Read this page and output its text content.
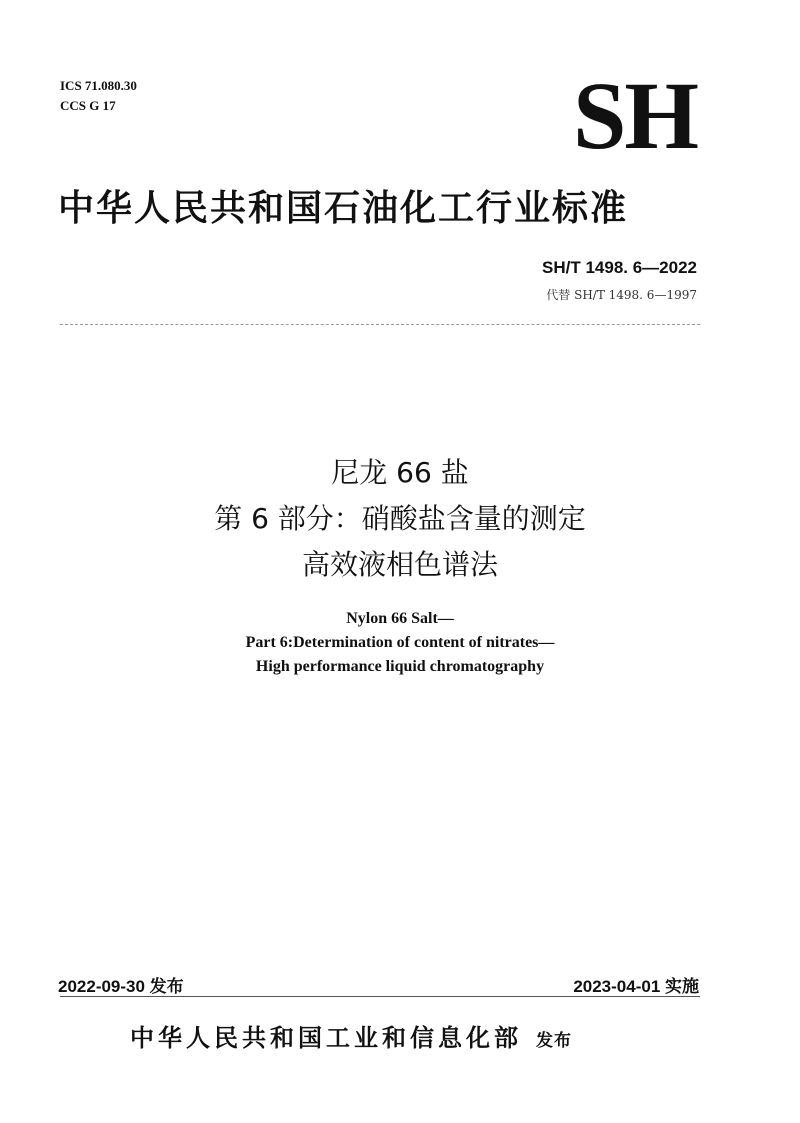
ICS 71.080.30
CCS G 17	SH
中华人民共和国石油化工行业标准
SH/T 1498. 6—2022
代替 SH/T 1498. 6—1997
尼龙 66 盐
第 6 部分：硝酸盐含量的测定
高效液相色谱法
Nylon 66 Salt—
Part 6:Determination of content of nitrates—
High performance liquid chromatography
2022-09-30 发布	2023-04-01 实施
中华人民共和国工业和信息化部 发布
